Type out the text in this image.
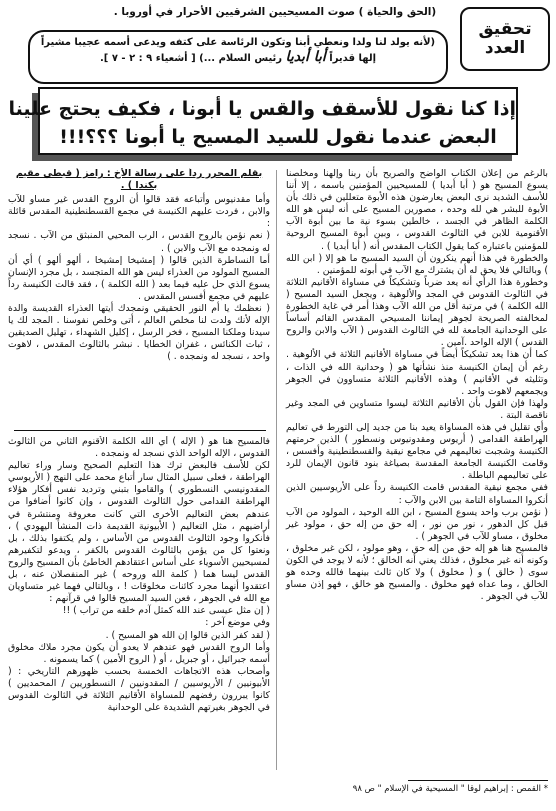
(الحق والحياة ) صوت المسيحيين الشرقيين الأحرار في أوروبا .
تحقيق
العدد
(لأنه يولد لنا ولدا ونعطي أبنا وتكون الرئاسة على كتفه ويدعى أسمه عجيبا مشيراً
إلها قديراً أبا أبديا رئيس السلام ...) [ أشعياء ٩ : ٢ - ٧ ].
إذا كنا نقول للأسقف والقس يا أبونا ، فكيف يحتج علينا
البعض عندما نقول للسيد المسيح يا أبونا ؟؟؟!!!

بالرغم من إعلان الكتاب الواضح والصريح بأن ربنا وإلهنا ومخلصنا يسوع المسيح هو ( أبا أبديا ) للمسيحيين المؤمنين باسمه ، إلا أننا للأسف الشديد نرى البعض يعارضون هذه الأبوة متعللين في ذلك بأن الأبوة للبشر هي لله وحده ، مصورين المسيح على أنه ليس هو الله الكلمة الظاهر في الجسد ، خالطين بسوء نية ما بين أبوة الآب الأقنومية للابن في الثالوث القدوس ، وبين أبوة المسيح الروحية للمؤمنين باعتباره كما يقول الكتاب المقدس أنه ( أبا أبديا ) .

والخطورة في هذا أنهم ينكرون أن السيد المسيح ما هو إلا ( ابن الله ) وبالتالي فلا يحق له أن يشترك مع الآب في أبوته للمؤمنين .

وخطورة هذا الرأي أنه يعد ضرباً وتشكيكاً في مساواة الأقانيم الثلاثة في الثالوث القدوس في المجد والألوهية ، ويجعل السيد المسيح ( الله الكلمة ) في مرتبة أقل من الله الآب وهذا أمر في غاية الخطورة لمخالفته الصريحة لجوهر إيماننا المسيحي المقدس القائم أساساً على الوحدانية الجامعة لله في الثالوث القدوس ( الآب والابن والروح القدس ) الإله الواحد .آمين .

كما أن هذا يعد تشكيكاً أيضاً في مساواة الأقانيم الثلاثة في الألوهية . رغم أن إيمان الكنيسة منذ نشأتها هو ( وحدانية الله في الذات ، وتثليثه في الأقانيم ) وهذه الأقانيم الثلاثة متساوون في الجوهر ويجمعهم لاهوت واحد .

ولهذا فإن القول بأن الأقانيم الثلاثة ليسوا متساوين في المجد وغير ناقصة البتة .

وأي تقليل في هذه المساواة يعيد بنا من جديد إلى التورط في تعاليم الهراطقة القدامى ( أريوس ومقدونيوس ونسطور ) الذين حرمتهم الكنيسة وشجبت تعاليمهم في مجامع نيقية والقسطنطينية وأفسس ، وقامت الكنيسة الجامعة المقدسة بصياغة بنود قانون الإيمان للرد على تعاليمهم الباطلة .

ففي مجمع نيقية المقدس قامت الكنيسة رداً على الأريوسيين الذين أنكروا المساواة التامة بين الابن والآب :

( نؤمن برب واحد يسوع المسيح ، ابن الله الوحيد ، المولود من الآب قبل كل الدهور ، نور من نور ، إله حق من إله حق ، مولود غير مخلوق ، مساو للآب في الجوهر ) .

فالمسيح هنا هو إله حق من إله حق ، وهو مولود ، لكن غير مخلوق ، وكونه أنه غير مخلوق ، فذلك يعني أنه الخالق ؛ لأنه لا يوجد في الكون سوى ( خالق ) و ( مخلوق ) ولا كان ثالث بينهما فالله وحده هو الخالق ، وما عداه فهو مخلوق . والمسيح هو خالق ، فهو إذن مساو للآب في الجوهر .

بقلم المحرر رداً على رسالة الأخ : رامز ( قبطي مقيم بكندا ) .

وأما مقدنيوس وأتباعه فقد قالوا أن الروح القدس غير مساو للآب والابن ، فردت عليهم الكنيسة في مجمع القسطنطينية المقدس قائلة :

( نعم نؤمن بالروح القدس ، الرب المحيي المنبثق من الآب . نسجد له ونمجده مع الآب والابن ) .

أما النساطرة الذين قالوا ( إمشيخا إمشيخا ، ألهو ألهو ) أي أن المسيح المولود من العذراء ليس هو الله المتجسد ، بل مجرد الإنسان يسوع الذي حل عليه فيما بعد ( الله الكلمة ) ، فقد قالت الكنيسة رداً عليهم في مجمع أفسس المقدس .

( نعظمك يا أم النور الحقيقي ونمجدك أيتها العذراء القديسة والدة الإله لأنك ولدت لنا مخلص العالم ، أتى وخلص نفوسنا . المجد لك يا سيدنا وملكنا المسيح ، فخر الرسل ، إكليل الشهداء ، تهليل الصديقين ، ثبات الكنائس ، غفران الخطايا . نبشر بالثالوث المقدس ، لاهوت واحد ، نسجد له ونمجده . )

فالمسيح هنا هو ( الإله ) أي الله الكلمة الأقنوم الثاني من الثالوث القدوس ، الإله الواحد الذي نسجد له ونمجده .

لكن للأسف فالبعض ترك هذا التعليم الصحيح وسار وراء تعاليم الهراطقة ، فعلى سبيل المثال سار أتباع محمد على النهج ( الأريوسي المقدونيسي النسطوري ) والقاموا بتبني وترديد نفس أفكار هؤلاء الهراطقة القدامى حول الثالوث القدوس ، وإن كانوا أضافوا من عندهم بعض التعاليم الأخرى التي كانت معروفة ومنتشرة في أراضيهم ، مثل التعاليم ( الأبيونية القديمة ذات المنشأ اليهودي ) ، فأنكروا وجود الثالوث القدوس من الأساس ، ولم يكتفوا بذلك ، بل ونعتوا كل من يؤمن بالثالوث القدوس بالكفر ، ويدعو لتكفيرهم لمسيحيين الأسوياء على أساس اعتقادهم الخاطئ بأن المسيح والروح القدس ليسا هما ( كلمة الله وروحه ) غير المنفصلان عنه ، بل اعتقدوا أنهما مجرد كائنات مخلوقات ! ، وبالتالي فهما غير متساويان مع الله في الجوهر ، فعن السيد المسيح قالوا في قرآنهم :

( إن مثل عيسى عند الله كمثل آدم خلقه من تراب ) !!

وفي موضع آخر :

( لقد كفر الذين قالوا إن الله هو المسيح ) .

وأما الروح القدس فهو عندهم لا يعدو أن يكون مجرد ملاك مخلوق أسمه جبرائيل ، أو جبريل ، أو ( الروح الأمين ) كما يسمونه .

وأصحاب هذه الاتجاهات الخمسة بحسب ظهورهم التاريخي : ( الأبيونيين / الأريوسيين / المقدونيين / النسطوريين / المحمديين ) كانوا يبررون رفضهم للمساواة الأقانيم الثلاثة في الثالوث القدوس في الجوهر بغيرتهم الشديدة على الوحدانية

* القمص : إبراهيم لوقا " المسيحية في الإسلام " ص ٩٨
